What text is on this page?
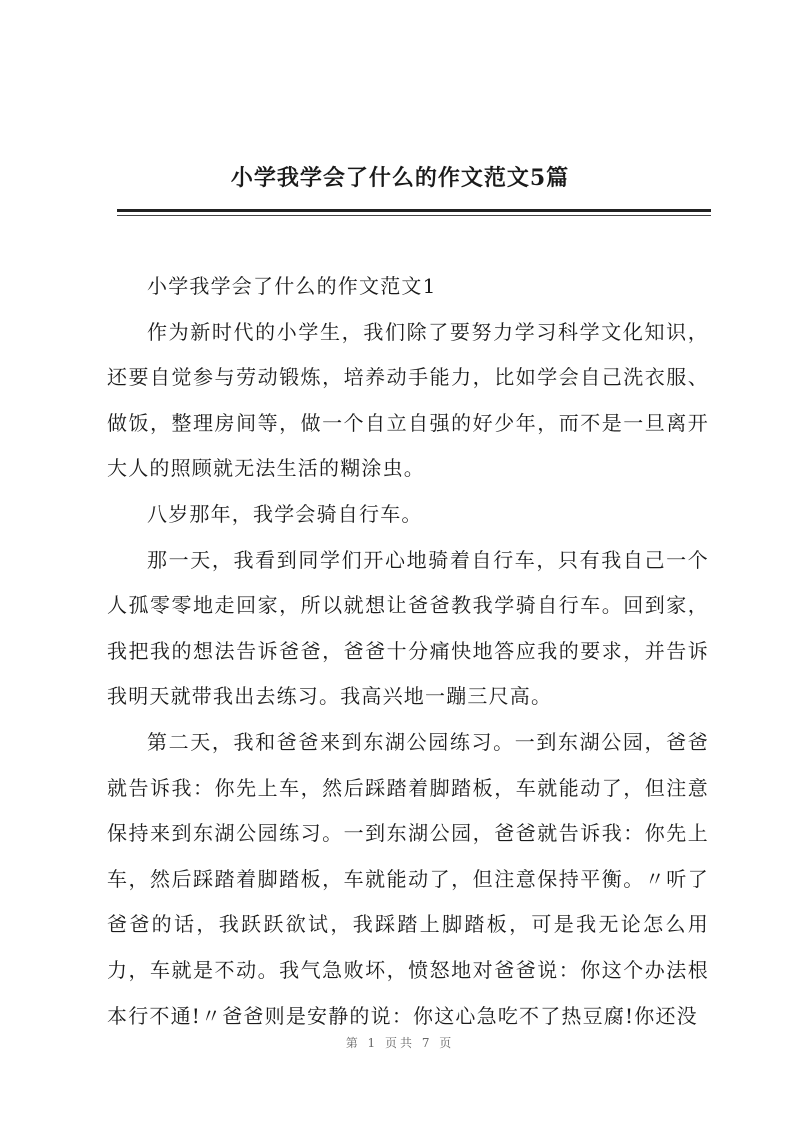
小学我学会了什么的作文范文5篇

小学我学会了什么的作文范文1

作为新时代的小学生，我们除了要努力学习科学文化知识，还要自觉参与劳动锻炼，培养动手能力，比如学会自己洗衣服、做饭，整理房间等，做一个自立自强的好少年，而不是一旦离开大人的照顾就无法生活的糊涂虫。

八岁那年，我学会骑自行车。

那一天，我看到同学们开心地骑着自行车，只有我自己一个人孤零零地走回家，所以就想让爸爸教我学骑自行车。回到家，我把我的想法告诉爸爸，爸爸十分痛快地答应我的要求，并告诉我明天就带我出去练习。我高兴地一蹦三尺高。

第二天，我和爸爸来到东湖公园练习。一到东湖公园，爸爸就告诉我：你先上车，然后踩踏着脚踏板，车就能动了，但注意保持来到东湖公园练习。一到东湖公园，爸爸就告诉我：你先上车，然后踩踏着脚踏板，车就能动了，但注意保持平衡。〃听了爸爸的话，我跃跃欲试，我踩踏上脚踏板，可是我无论怎么用力，车就是不动。我气急败坏，愤怒地对爸爸说：你这个办法根本行不通!〃爸爸则是安静的说：你这心急吃不了热豆腐!你还没

第 1 页共 7 页
